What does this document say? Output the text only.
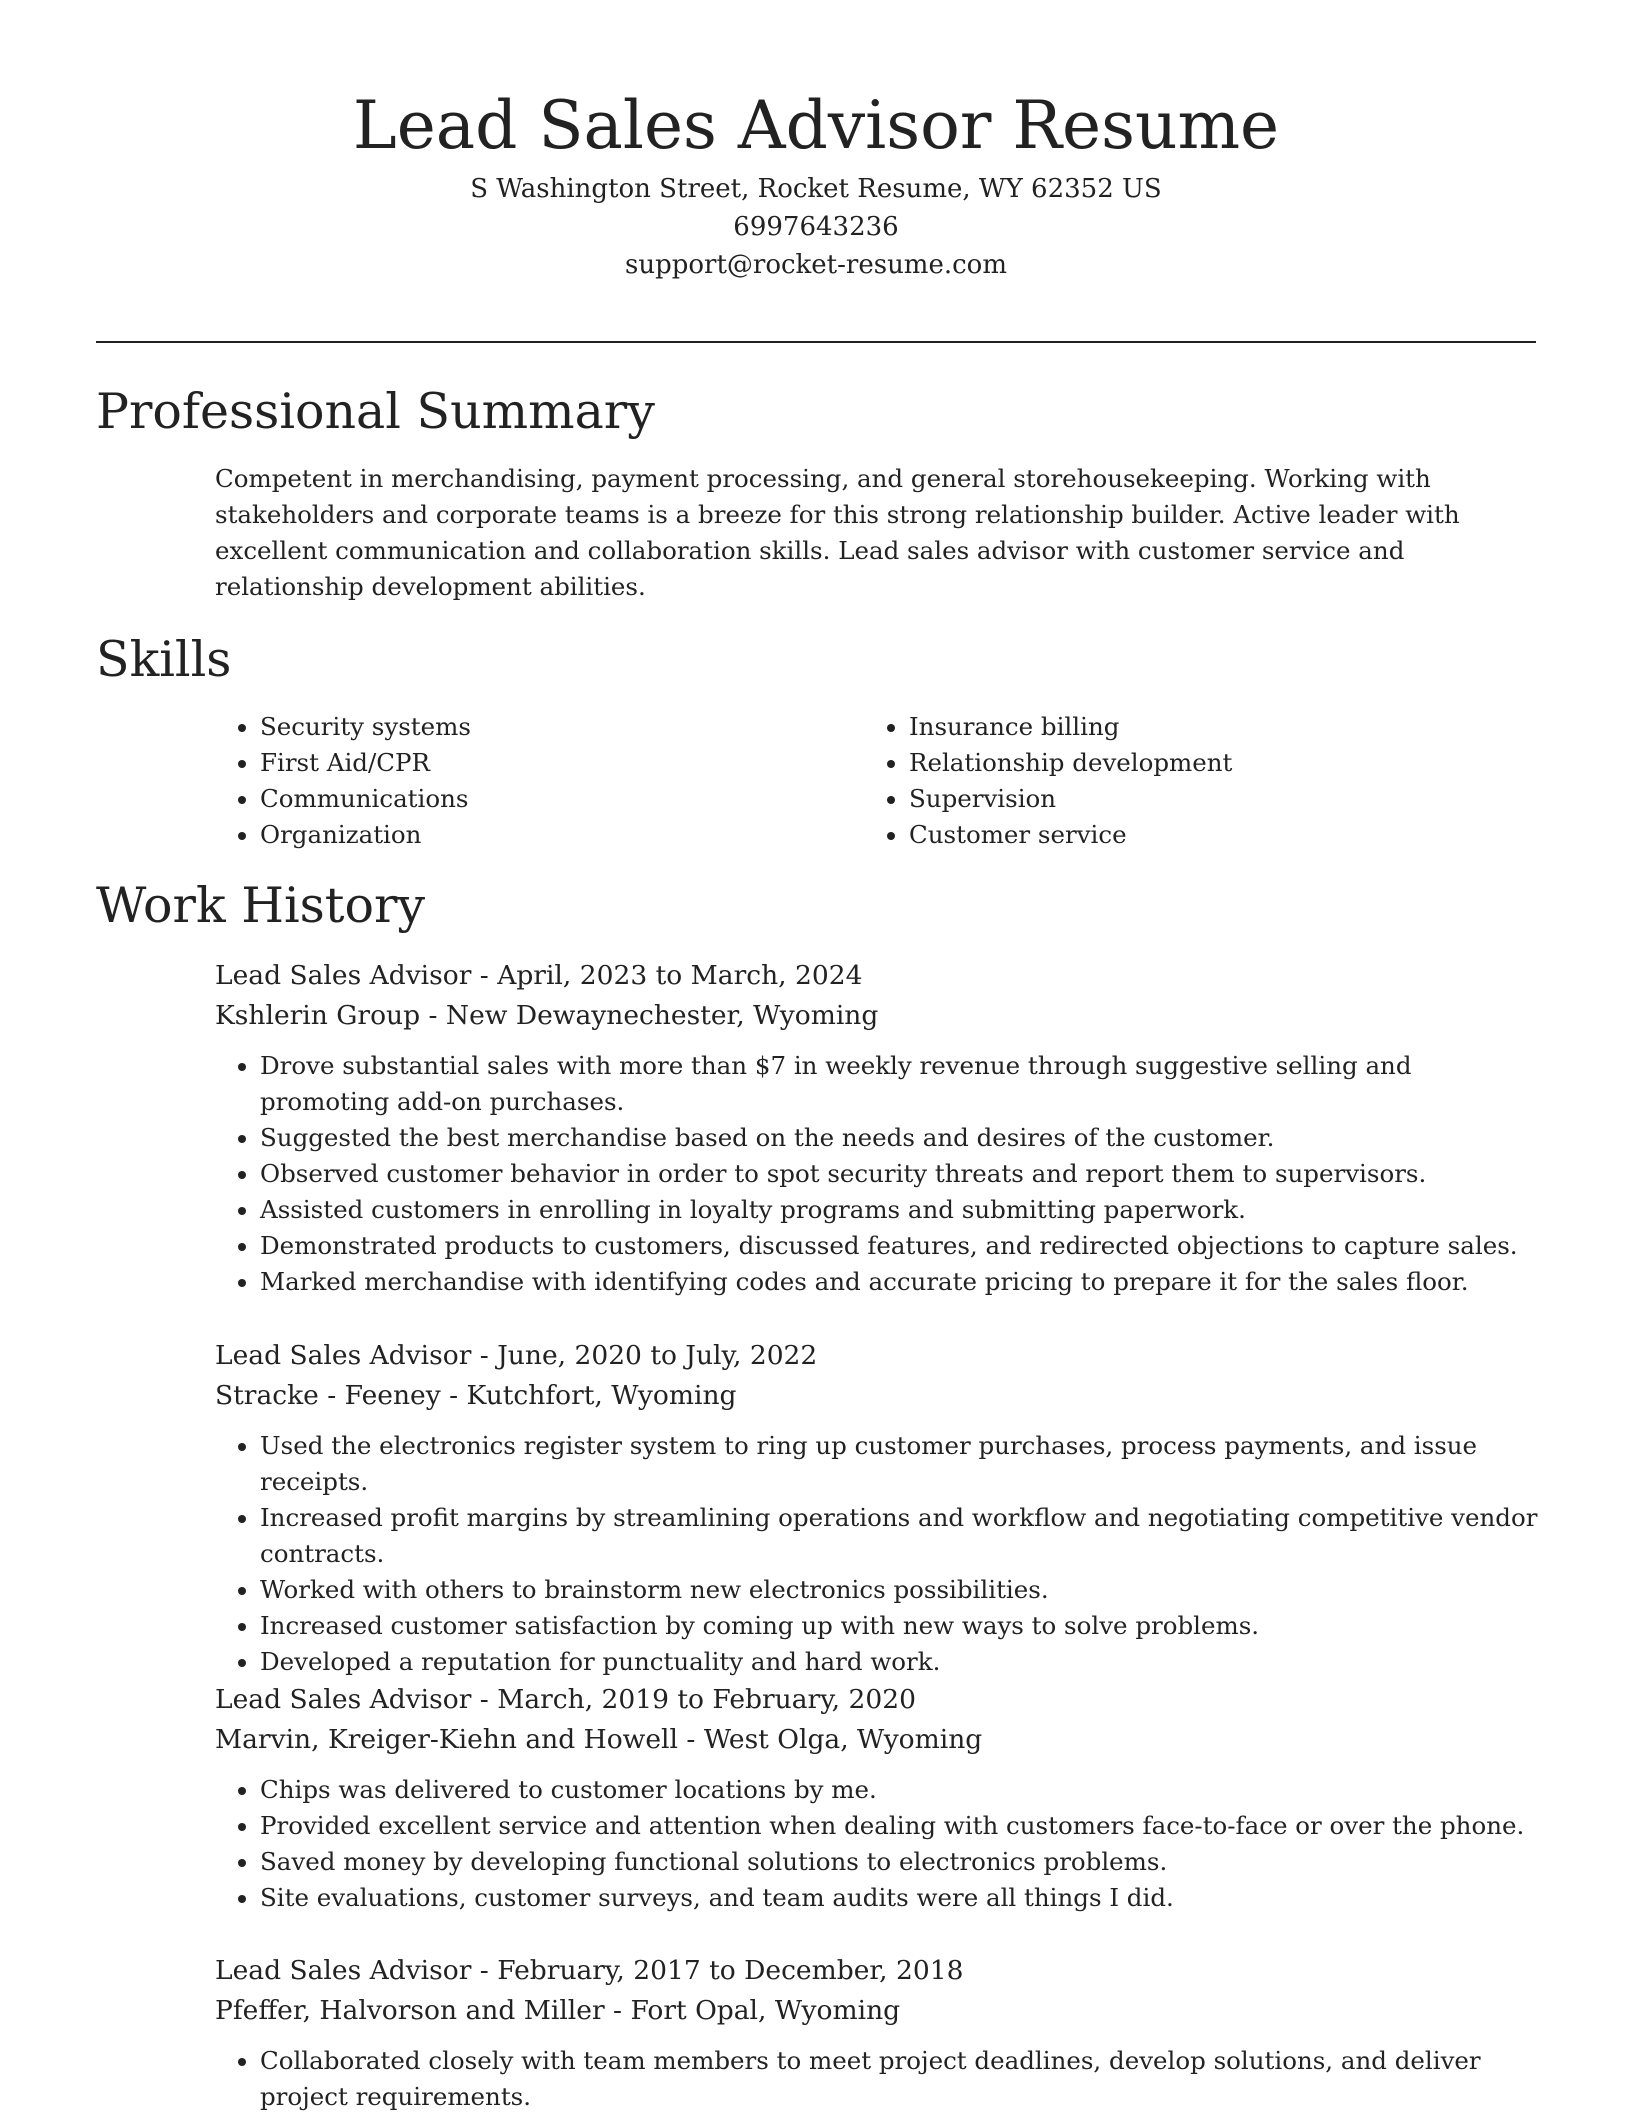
Lead Sales Advisor Resume
S Washington Street, Rocket Resume, WY 62352 US
6997643236
support@rocket-resume.com
Professional Summary

Competent in merchandising, payment processing, and general storehousekeeping. Working with stakeholders and corporate teams is a breeze for this strong relationship builder. Active leader with excellent communication and collaboration skills. Lead sales advisor with customer service and relationship development abilities.

Skills
• Security systems
• First Aid/CPR
• Communications
• Organization
• Insurance billing
• Relationship development
• Supervision
• Customer service
Work History
Lead Sales Advisor - April, 2023 to March, 2024
Kshlerin Group - New Dewaynechester, Wyoming
• Drove substantial sales with more than $7 in weekly revenue through suggestive selling and promoting add-on purchases.
• Suggested the best merchandise based on the needs and desires of the customer.
• Observed customer behavior in order to spot security threats and report them to supervisors.
• Assisted customers in enrolling in loyalty programs and submitting paperwork.
• Demonstrated products to customers, discussed features, and redirected objections to capture sales.
• Marked merchandise with identifying codes and accurate pricing to prepare it for the sales floor.
Lead Sales Advisor - June, 2020 to July, 2022
Stracke - Feeney - Kutchfort, Wyoming
• Used the electronics register system to ring up customer purchases, process payments, and issue receipts.
• Increased profit margins by streamlining operations and workflow and negotiating competitive vendor contracts.
• Worked with others to brainstorm new electronics possibilities.
• Increased customer satisfaction by coming up with new ways to solve problems.
• Developed a reputation for punctuality and hard work.
Lead Sales Advisor - March, 2019 to February, 2020
Marvin, Kreiger-Kiehn and Howell - West Olga, Wyoming
• Chips was delivered to customer locations by me.
• Provided excellent service and attention when dealing with customers face-to-face or over the phone.
• Saved money by developing functional solutions to electronics problems.
• Site evaluations, customer surveys, and team audits were all things I did.
Lead Sales Advisor - February, 2017 to December, 2018
Pfeffer, Halvorson and Miller - Fort Opal, Wyoming
• Collaborated closely with team members to meet project deadlines, develop solutions, and deliver project requirements.
